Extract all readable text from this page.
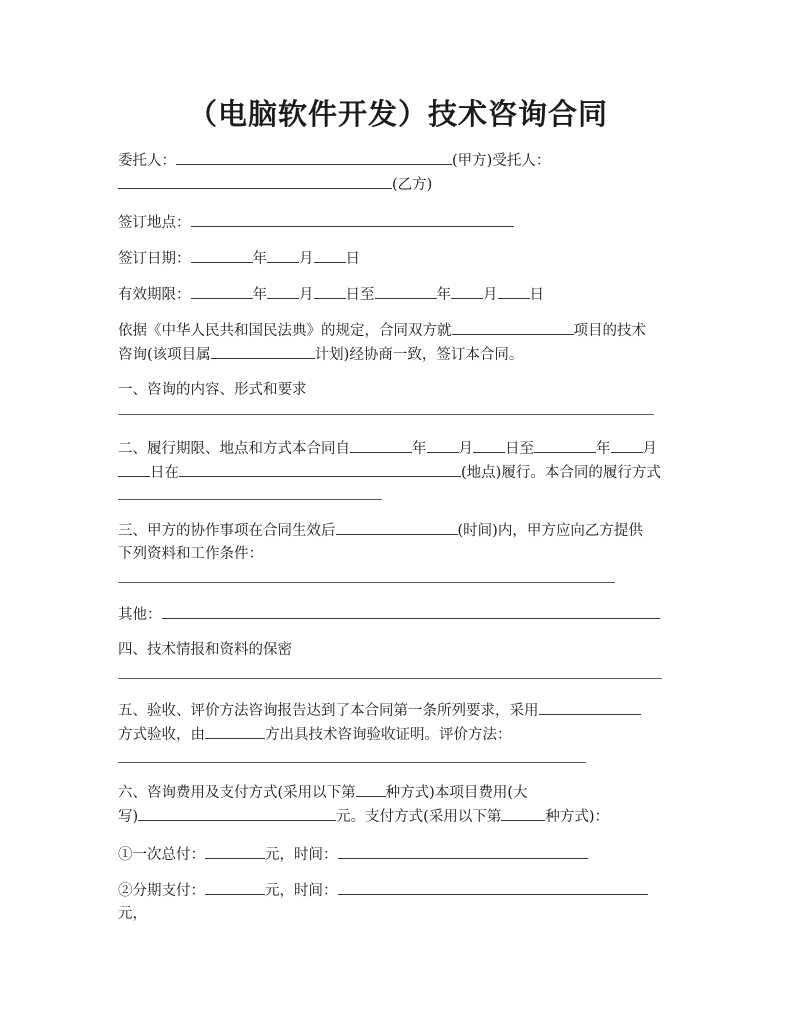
（电脑软件开发）技术咨询合同
委托人：	(甲方)受托人：
(乙方)
签订地点：
签订日期：	年 月 日
有效期限：	年 月 日至	年 月 日
依据《中华人民共和国民法典》的规定，合同双方就	项目的技术
咨询(该项目属	计划)经协商一致，签订本合同。
一、咨询的内容、形式和要求
二、履行期限、地点和方式本合同自	年 月 日至	年 月
日在	(地点)履行。本合同的履行方式
三、甲方的协作事项在合同生效后	(时间)内，甲方应向乙方提供
下列资料和工作条件：
其他：
四、技术情报和资料的保密
五、验收、评价方法咨询报告达到了本合同第一条所列要求，采用
方式验收，由	方出具技术咨询验收证明。评价方法：
六、咨询费用及支付方式(采用以下第 种方式)本项目费用(大
写)	元。支付方式(采用以下第	种方式)：
①一次总付：	元，时间：
②分期支付：	元，时间：
元，
